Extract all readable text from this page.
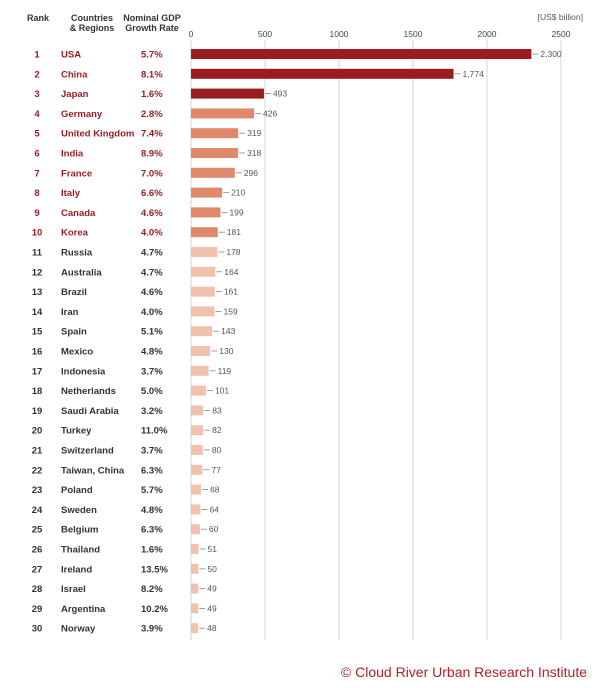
Rank Countries
& Regions
Nominal GDP
Growth Rate
[US$ billion]
0	500	1000	1500	2000	2500
1 USA	5.7%	2,300
2 China	8.1%	1,774
3 Japan	1.6%	493
4 Germany	2.8%	426
5 United Kingdom 7.4%	319
6 India	8.9%	318
7 France	7.0%	296
8 Italy	6.6%	210
9 Canada	4.6%	199
10 Korea	4.0%	181
11 Russia	4.7%	178
12 Australia	4.7%	164
13 Brazil	4.6%	161
14 Iran	4.0%	159
15 Spain	5.1%	143
16 Mexico	4.8%	130
17 Indonesia	3.7%	119
18 Netherlands	5.0%	101
19 Saudi Arabia 3.2%	83
20 Turkey	11.0%	82
21 Switzerland	3.7%	80
22 Taiwan, China 6.3%	77
23 Poland	5.7%	68
24 Sweden	4.8%	64
25 Belgium	6.3%	60
26 Thailand	1.6%	51
27 Ireland	13.5%	50
28 Israel	8.2%	49
29 Argentina	10.2%	49
30 Norway	3.9%	48
© Cloud River Urban Research Institute
